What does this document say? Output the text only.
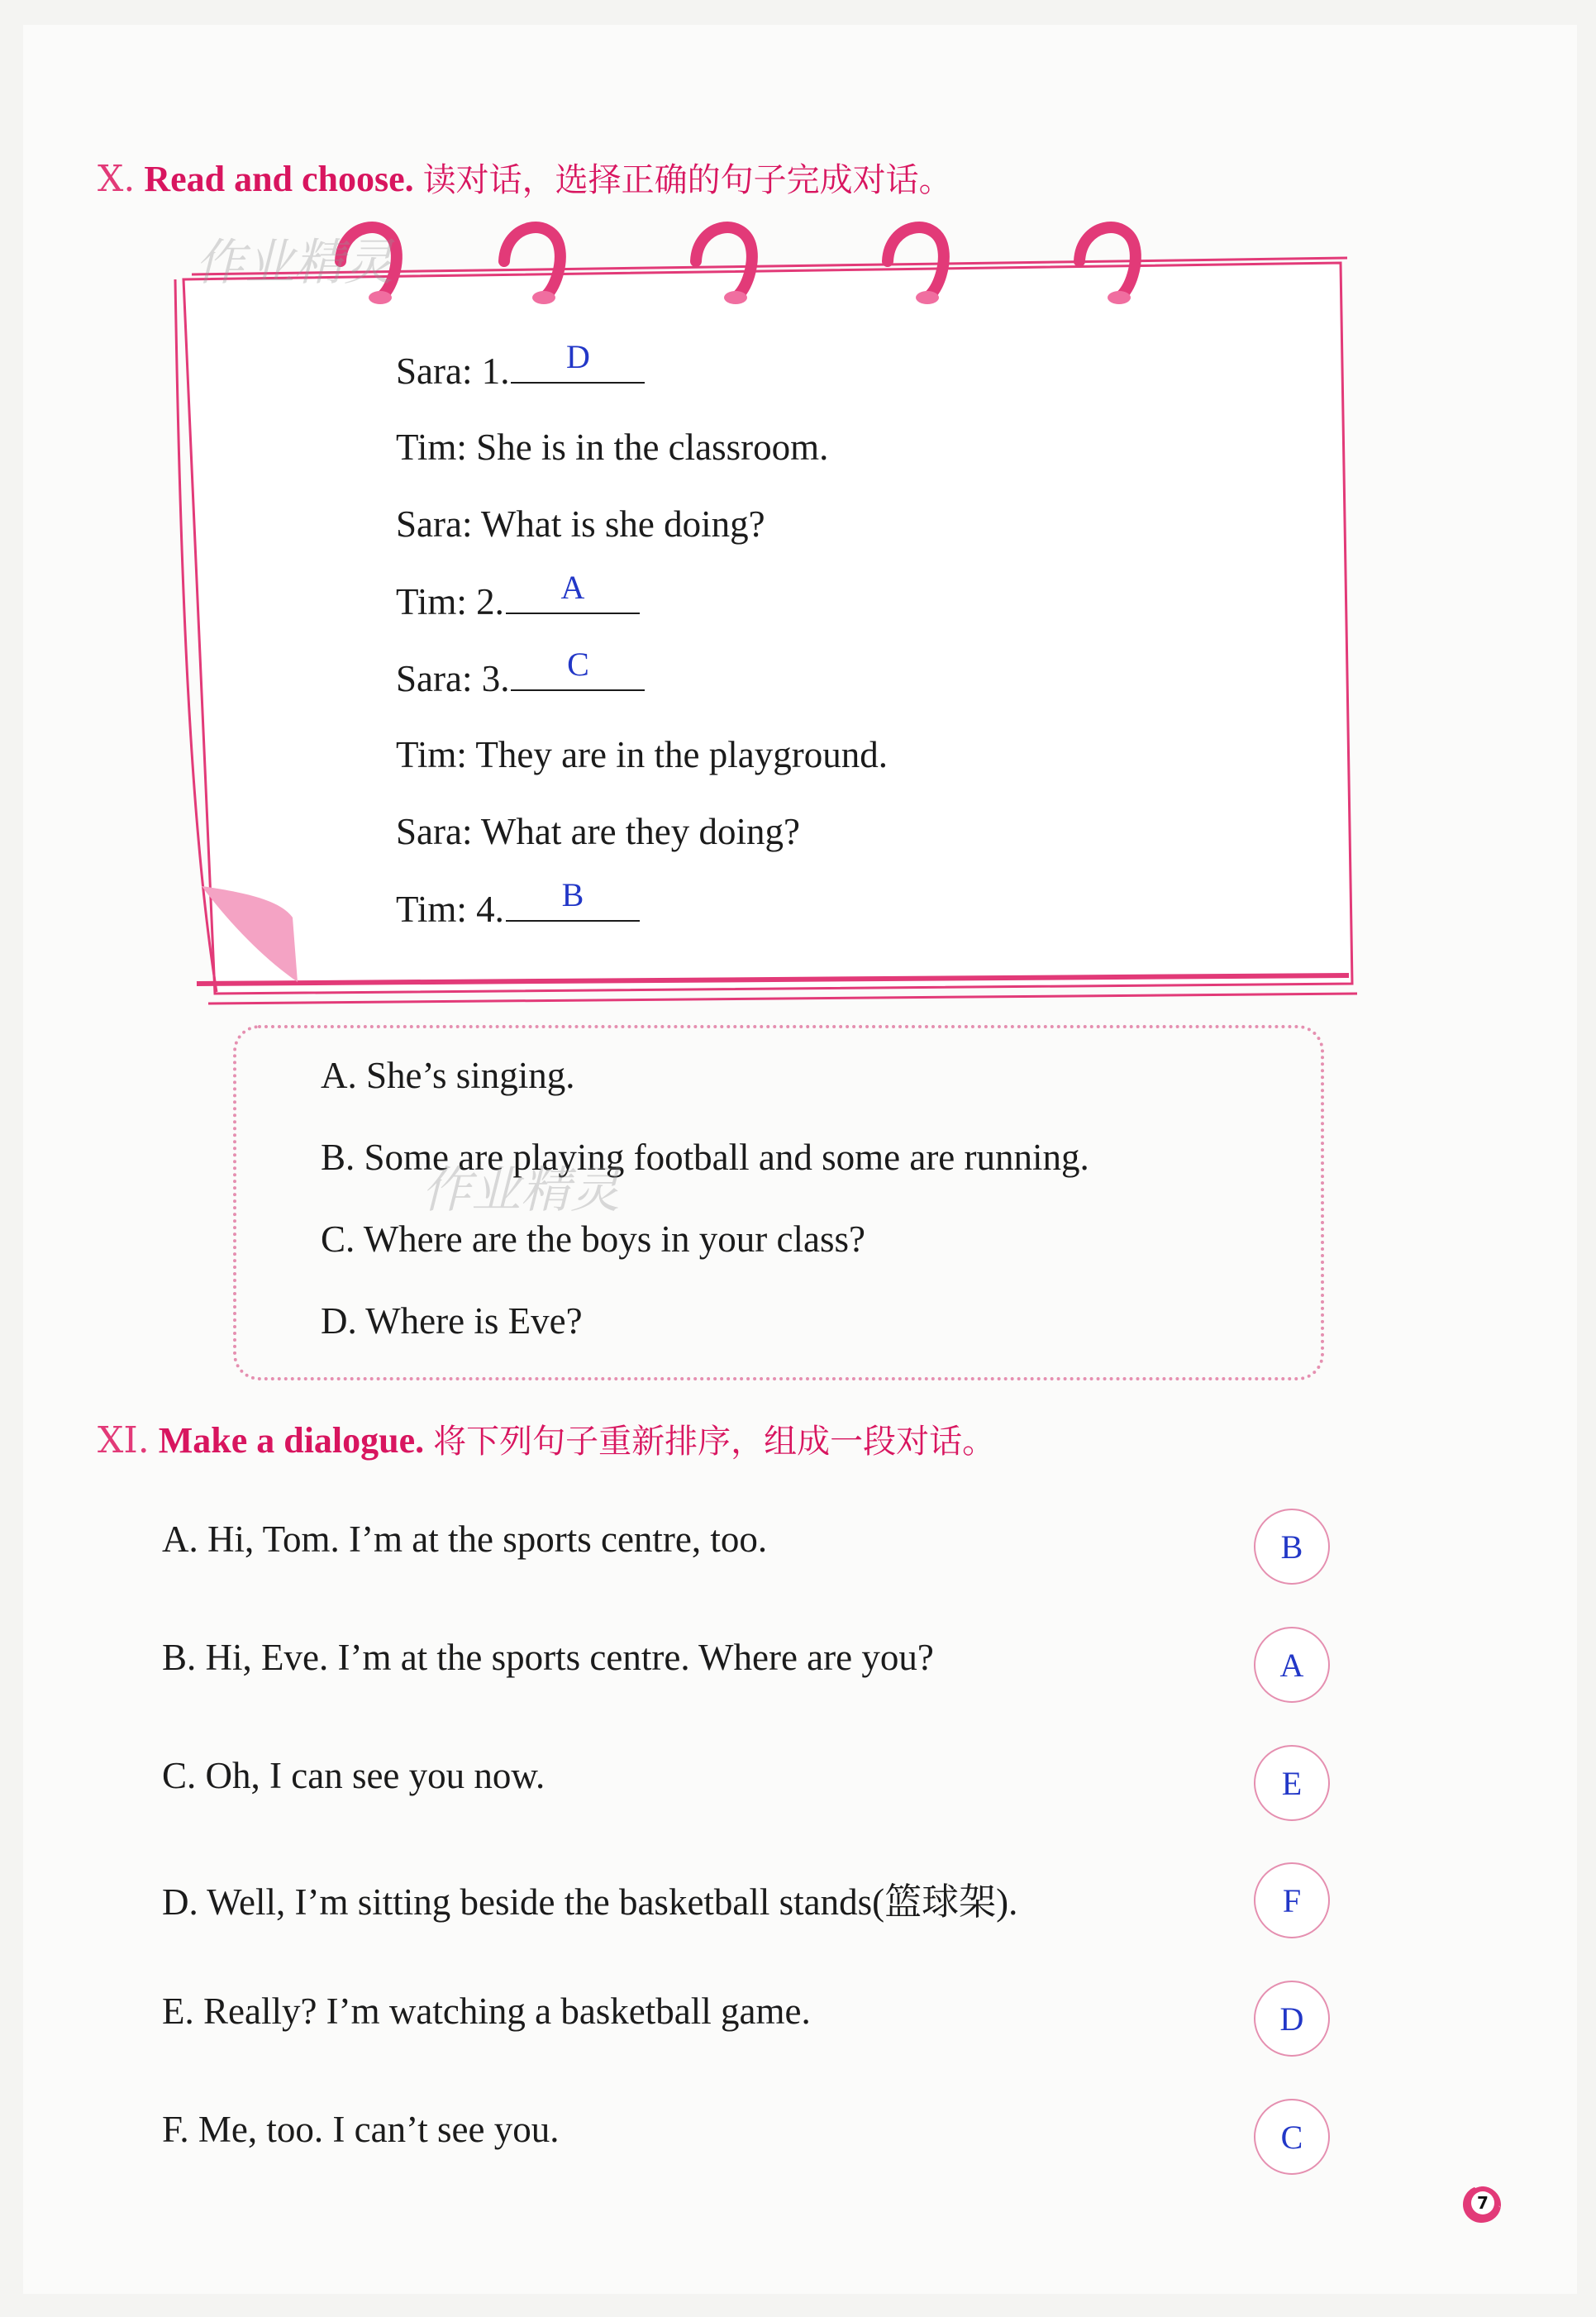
X. Read and choose. 读对话，选择正确的句子完成对话。
作业精灵
Sara: 1. D
Tim: She is in the classroom.
Sara: What is she doing?
Tim: 2. A
Sara: 3. C
Tim: They are in the playground.
Sara: What are they doing?
Tim: 4. B
A. She’s singing.
B. Some are playing football and some are running.
C. Where are the boys in your class?
D. Where is Eve?
作业精灵
XI. Make a dialogue. 将下列句子重新排序，组成一段对话。
A. Hi, Tom. I’m at the sports centre, too.
B. Hi, Eve. I’m at the sports centre. Where are you?
C. Oh, I can see you now.
D. Well, I’m sitting beside the basketball stands(篮球架).
E. Really? I’m watching a basketball game.
F. Me, too. I can’t see you.
B
A
E
F
D
C
7
